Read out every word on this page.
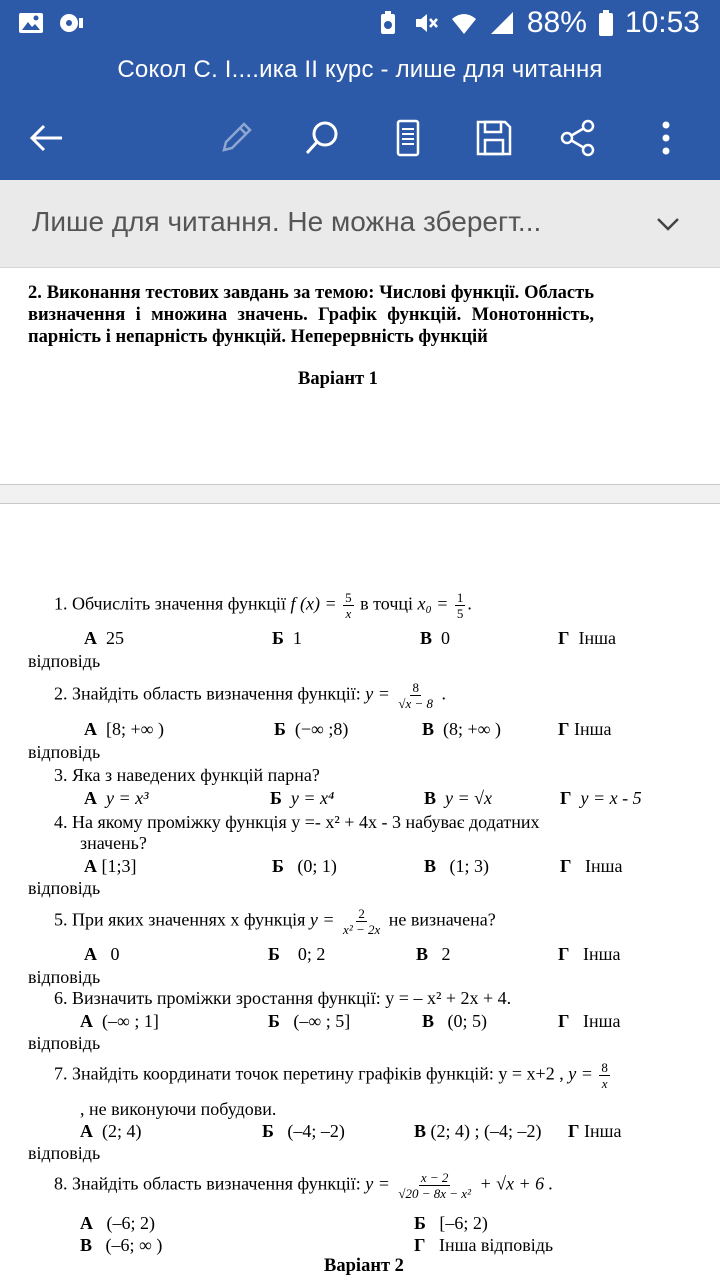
88% 10:53
Сокол С. І....ика ІІ курс - лише для читання
Лише для читання. Не можна зберегт...
2. Виконання тестових завдань за темою: Числові функції. Область визначення і множина значень. Графік функцій. Монотонність, парність і непарність функцій. Неперервність функцій
Варіант 1
1. Обчисліть значення функції f $(x) = \frac{5}{x}$ в точці $x_0 = \frac{1}{5}$ .
А 25	Б 1	В 0	Г Інша
відповідь
2. Знайдіть область визначення функції: $y = \frac{8}{√x - 8}$ .
А [8; +∞ )	Б (−∞ ;8)	В (8; +∞ )	Г Інша
відповідь
3. Яка з наведених функцій парна?
А y = x³	Б y = x⁴	В y = √x	Г y = x - 5
4. На якому проміжку функція y =- x² + 4x - 3 набуває додатних
значень?
А [1;3]	Б (0; 1)	В (1; 3)	Г Інша
відповідь
5. При яких значеннях x функція $y = \frac{2}{\text{x² − 2x}}$ не визначена?
А 0	Б 0; 2	В 2	Г Інша
відповідь
6. Визначить проміжки зростання функції: y = – x² + 2x + 4.
А (–∞ ; 1]	Б (–∞ ; 5]	В (0; 5)	Г Інша
відповідь
7. Знайдіть координати точок перетину графіків функцій: y = x+2 , $y = \frac{8}{x}$
, не виконуючи побудови.
А (2; 4)	Б (–4; –2)	В (2; 4) ; (–4; –2) Г Інша
відповідь
8. Знайдіть область визначення функції: $y = \frac{x - 2}{\text{√20 − 8x − x²}} + √x + 6$ .
А (–6; 2)	Б [–6; 2)
В (–6; ∞ )	Г Інша відповідь
Варіант 2
